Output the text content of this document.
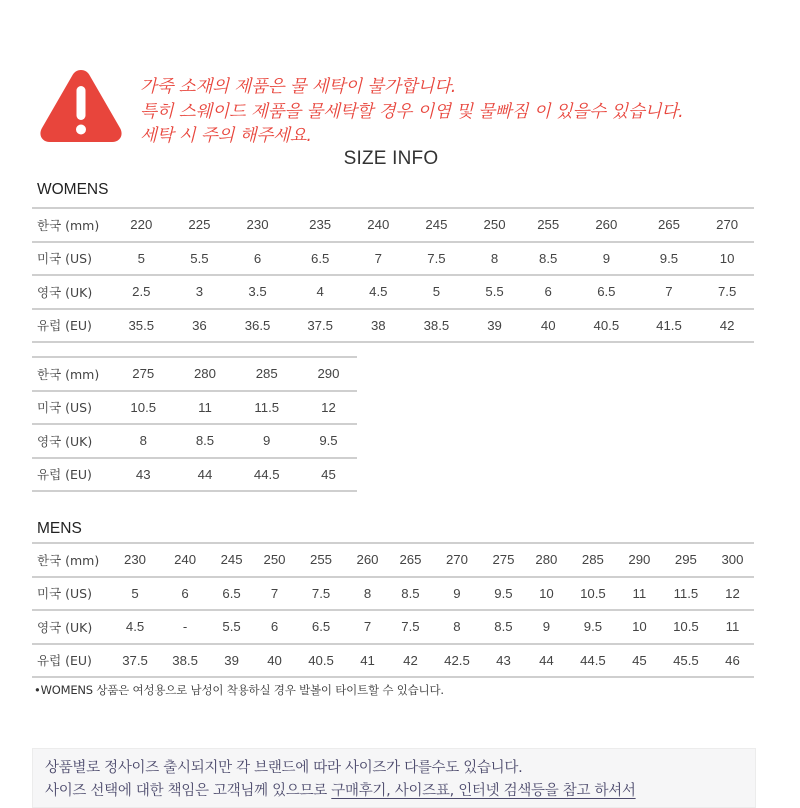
가죽 소재의 제품은 물 세탁이 불가합니다.
특히 스웨이드 제품을 물세탁할 경우 이염 및 물빠짐 이 있을수 있습니다.
세탁 시 주의 해주세요.
SIZE INFO
WOMENS
한국 (mm)	220	225	230	235	240	245	250	255	260	265	270
미국 (US)	5	5.5	6	6.5	7	7.5	8	8.5	9	9.5	10
영국 (UK)	2.5	3	3.5	4	4.5	5	5.5	6	6.5	7	7.5
유럽 (EU)	35.5	36	36.5	37.5	38	38.5	39	40	40.5	41.5	42
한국 (mm)	275	280	285	290
미국 (US)	10.5	11	11.5	12
영국 (UK)	8	8.5	9	9.5
유럽 (EU)	43	44	44.5	45
MENS
한국 (mm)	230	240	245	250	255	260	265	270	275	280	285	290	295	300
미국 (US)	5	6	6.5	7	7.5	8	8.5	9	9.5	10	10.5	11	11.5	12
영국 (UK)	4.5	-	5.5	6	6.5	7	7.5	8	8.5	9	9.5	10	10.5	11
유럽 (EU)	37.5	38.5	39	40	40.5	41	42	42.5	43	44	44.5	45	45.5	46
•WOMENS 상품은 여성용으로 남성이 착용하실 경우 발볼이 타이트할 수 있습니다.
상품별로 정사이즈 출시되지만 각 브랜드에 따라 사이즈가 다를수도 있습니다.
사이즈 선택에 대한 책임은 고객님께 있으므로 구매후기, 사이즈표, 인터넷 검색등을 참고 하셔서
